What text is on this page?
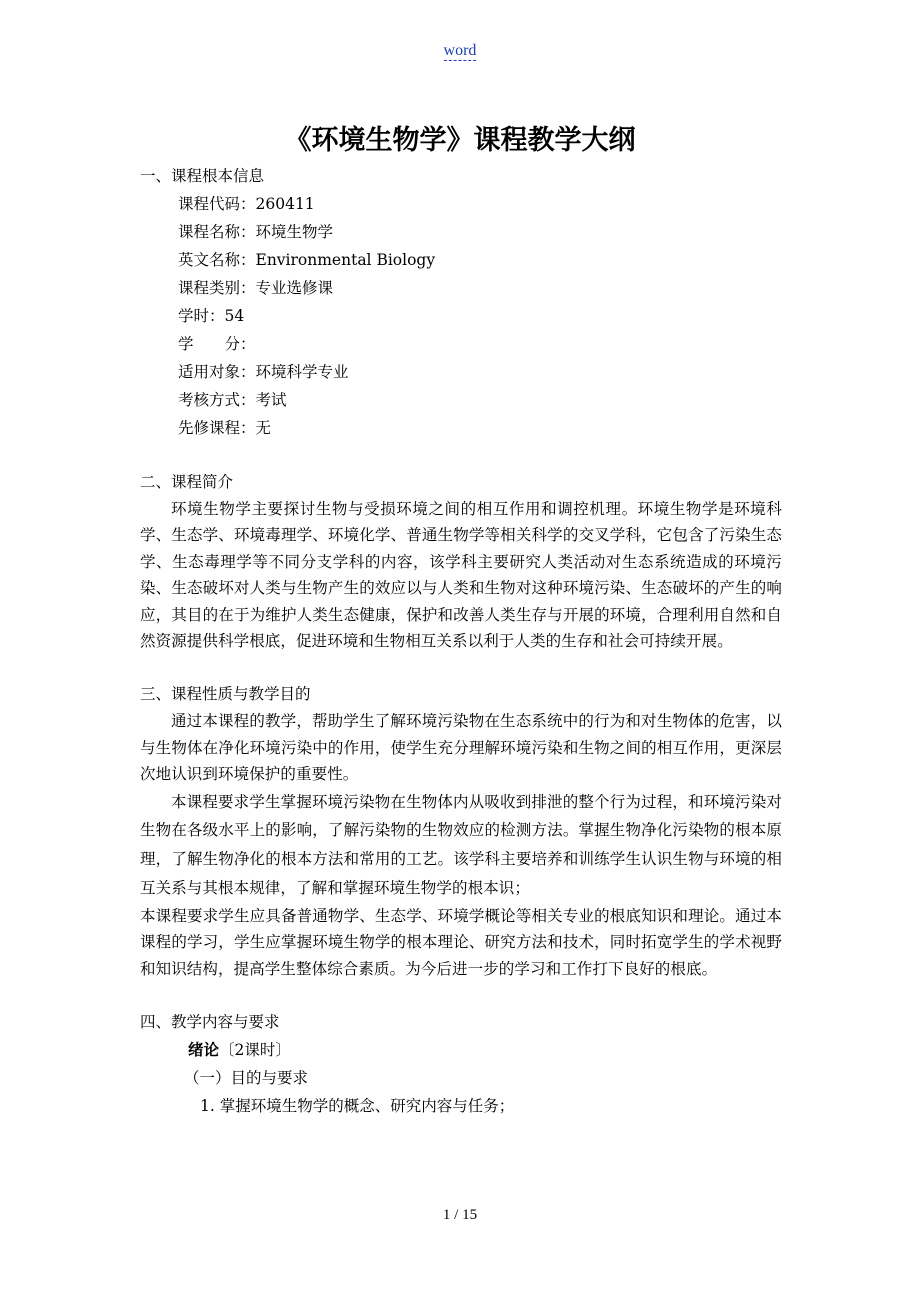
word
《环境生物学》课程教学大纲
一、课程根本信息
课程代码：260411
课程名称：环境生物学
英文名称：Environmental Biology
课程类别：专业选修课
学时：54
学　　分：
适用对象：环境科学专业
考核方式：考试
先修课程：无
二、课程简介

环境生物学主要探讨生物与受损环境之间的相互作用和调控机理。环境生物学是环境科学、生态学、环境毒理学、环境化学、普通生物学等相关科学的交叉学科，它包含了污染生态学、生态毒理学等不同分支学科的内容，该学科主要研究人类活动对生态系统造成的环境污染、生态破坏对人类与生物产生的效应以与人类和生物对这种环境污染、生态破坏的产生的响应，其目的在于为维护人类生态健康，保护和改善人类生存与开展的环境，合理利用自然和自然资源提供科学根底，促进环境和生物相互关系以利于人类的生存和社会可持续开展。

三、课程性质与教学目的

通过本课程的教学，帮助学生了解环境污染物在生态系统中的行为和对生物体的危害，以与生物体在净化环境污染中的作用，使学生充分理解环境污染和生物之间的相互作用，更深层次地认识到环境保护的重要性。

本课程要求学生掌握环境污染物在生物体内从吸收到排泄的整个行为过程，和环境污染对生物在各级水平上的影响，了解污染物的生物效应的检测方法。掌握生物净化污染物的根本原理，了解生物净化的根本方法和常用的工艺。该学科主要培养和训练学生认识生物与环境的相互关系与其根本规律，了解和掌握环境生物学的根本识；

本课程要求学生应具备普通物学、生态学、环境学概论等相关专业的根底知识和理论。通过本课程的学习，学生应掌握环境生物学的根本理论、研究方法和技术，同时拓宽学生的学术视野和知识结构，提高学生整体综合素质。为今后进一步的学习和工作打下良好的根底。

四、教学内容与要求
绪论〔2课时〕
（一）目的与要求
1. 掌握环境生物学的概念、研究内容与任务；
1 / 15
